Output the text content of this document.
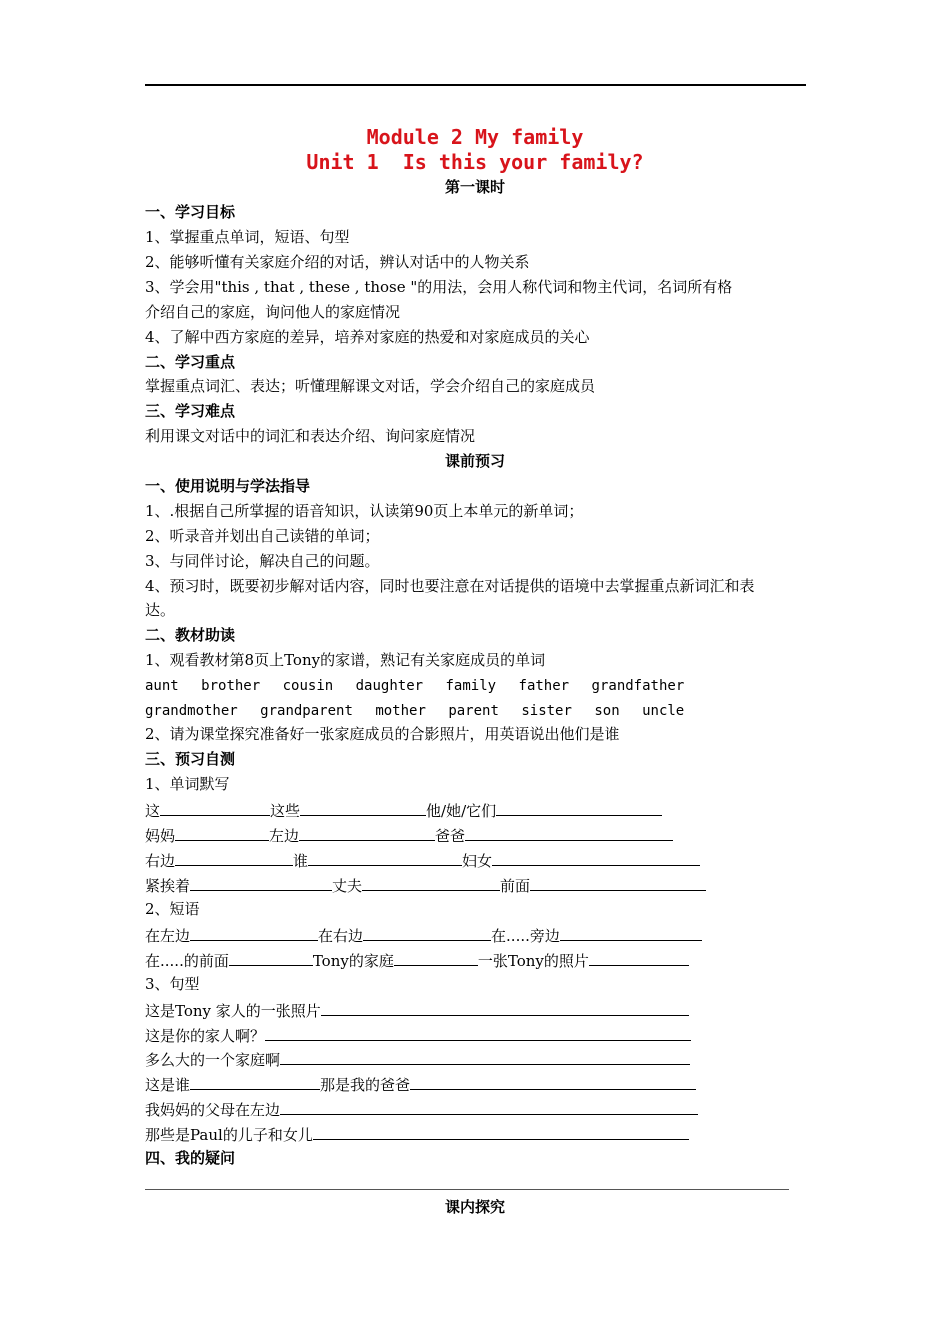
Module 2 My family
Unit 1  Is this your family?
第一课时
一、学习目标
1、掌握重点单词，短语、句型
2、能够听懂有关家庭介绍的对话，辨认对话中的人物关系
3、学会用"this , that , these , those "的用法，会用人称代词和物主代词，名词所有格
介绍自己的家庭，询问他人的家庭情况
4、了解中西方家庭的差异，培养对家庭的热爱和对家庭成员的关心
二、学习重点
掌握重点词汇、表达；听懂理解课文对话，学会介绍自己的家庭成员
三、学习难点
利用课文对话中的词汇和表达介绍、询问家庭情况
课前预习
一、使用说明与学法指导
1、.根据自己所掌握的语音知识，认读第90页上本单元的新单词；
2、听录音并划出自己读错的单词；
3、与同伴讨论，解决自己的问题。
4、预习时，既要初步解对话内容，同时也要注意在对话提供的语境中去掌握重点新词汇和表
达。
二、教材助读
1、观看教材第8页上Tony的家谱，熟记有关家庭成员的单词
aunt brother cousin daughter family father grandfather
grandmother grandparent mother parent sister son uncle
2、请为课堂探究准备好一张家庭成员的合影照片，用英语说出他们是谁
三、预习自测
1、单词默写
这	这些	他/她/它们
妈妈	左边	爸爸
右边	谁	妇女
紧挨着	丈夫	前面
2、短语
在左边	在右边	在.....旁边
在.....的前面	Tony的家庭	一张Tony的照片
3、句型
这是Tony 家人的一张照片
这是你的家人啊？
多么大的一个家庭啊
这是谁	那是我的爸爸
我妈妈的父母在左边
那些是Paul的儿子和女儿
四、我的疑问
课内探究
